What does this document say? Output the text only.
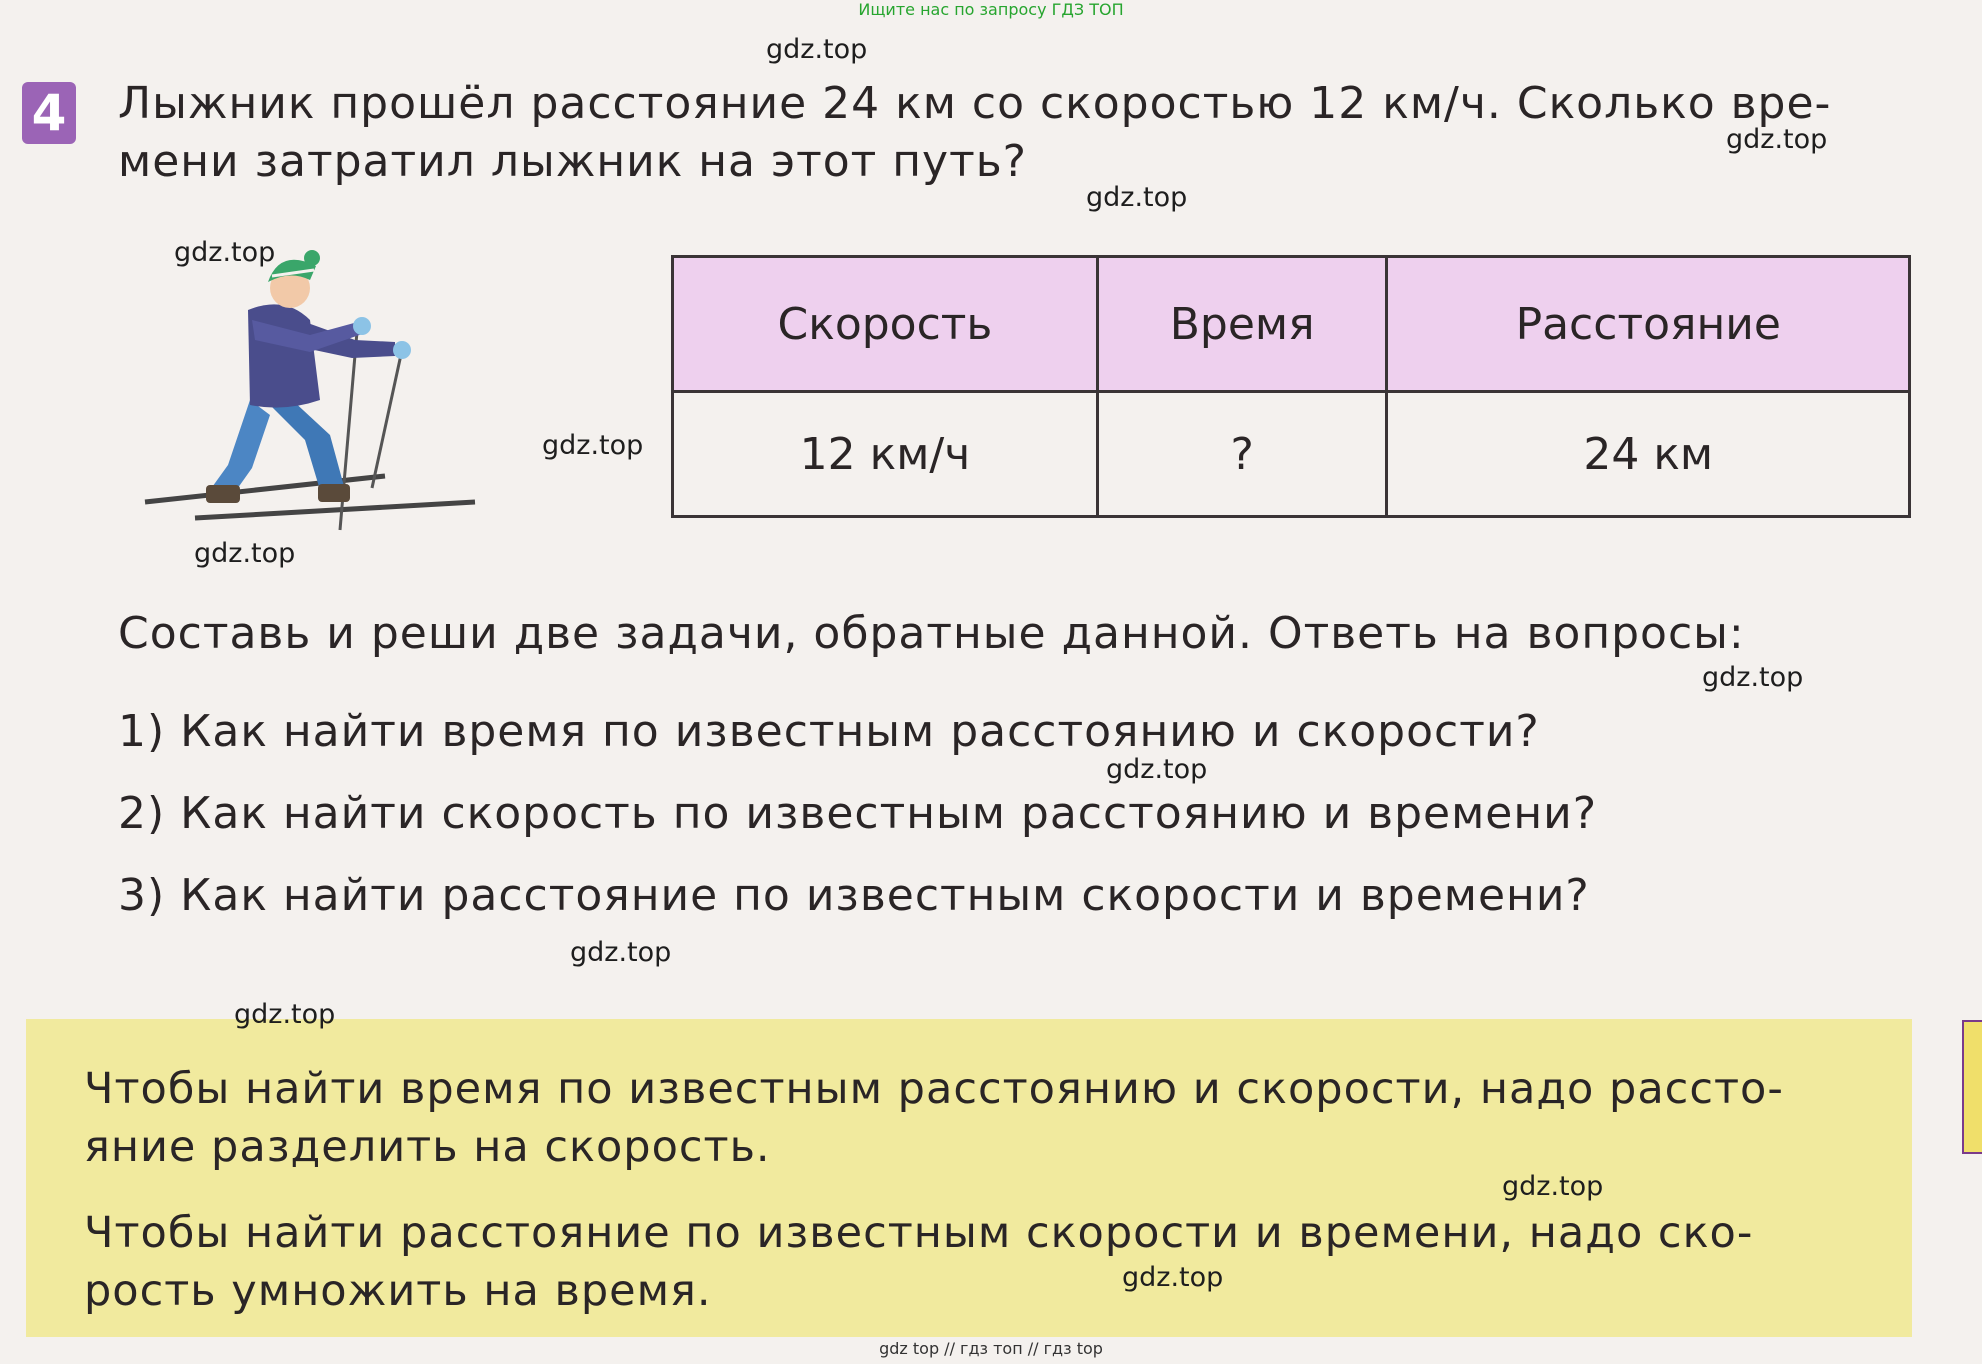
Ищите нас по запросу ГДЗ ТОП
4 Лыжник прошёл расстояние 24 км со скоростью 12 км/ч. Сколько вре-
мени затратил лыжник на этот путь?
Скорость	Время	Расстояние
12 км/ч	?	24 км
Составь и реши две задачи, обратные данной. Ответь на вопросы:
1) Как найти время по известным расстоянию и скорости?
2) Как найти скорость по известным расстоянию и времени?
3) Как найти расстояние по известным скорости и времени?
Чтобы найти время по известным расстоянию и скорости, надо рассто-
яние разделить на скорость.
Чтобы найти расстояние по известным скорости и времени, надо ско-
рость умножить на время.
gdz.top
gdz.top
gdz.top
gdz.top
gdz.top
gdz.top
gdz.top
gdz.top
gdz.top
gdz.top
gdz.top
gdz.top
gdz top // гдз топ // гдз top
